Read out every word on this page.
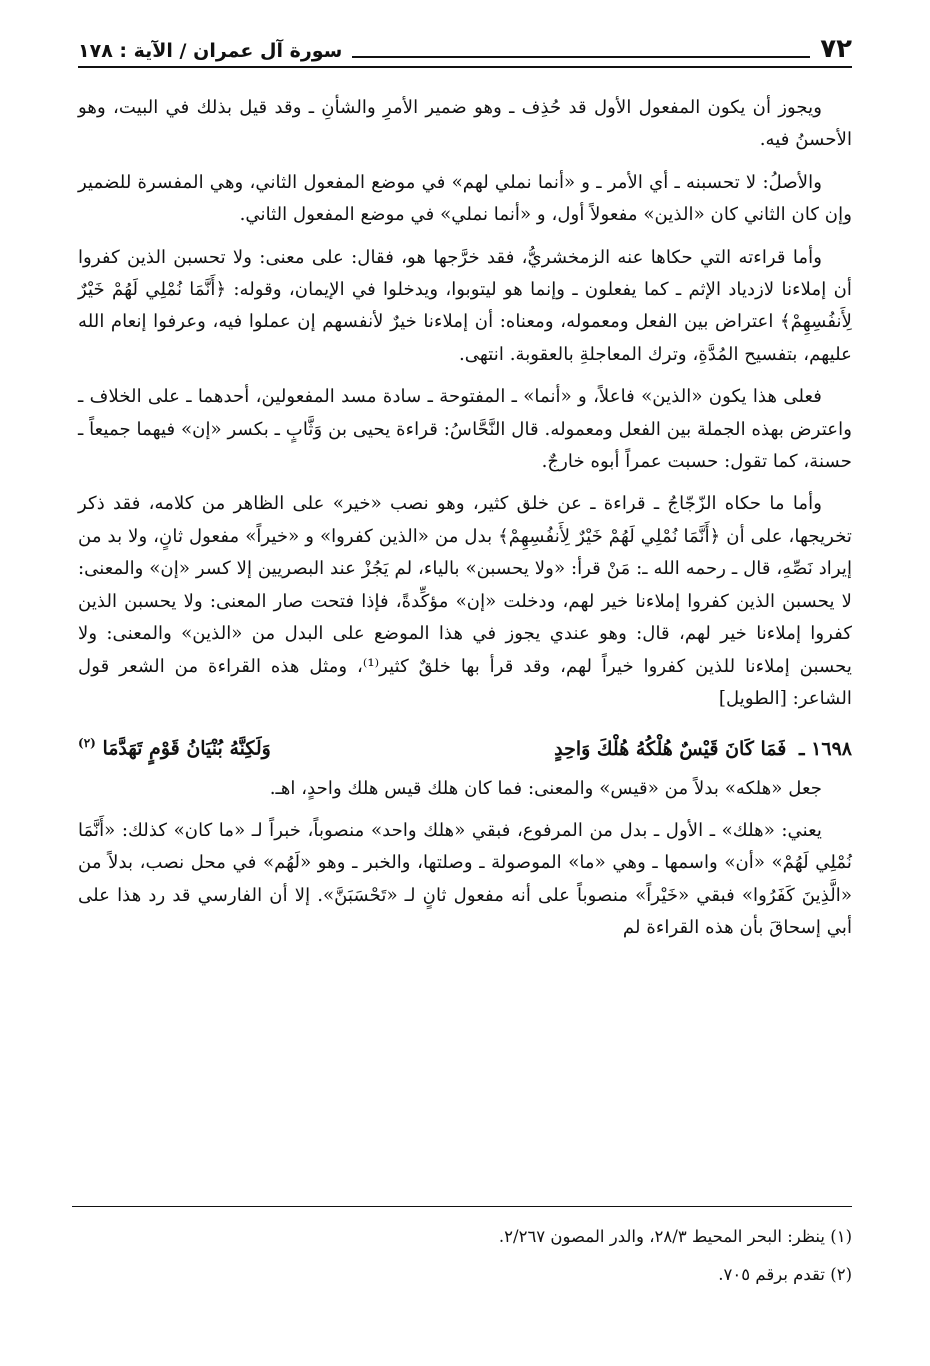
٧٢
سورة آل عمران / الآية : ١٧٨

ويجوز أن يكون المفعول الأول قد حُذِف ـ وهو ضمير الأمرِ والشأنِ ـ وقد قيل بذلك في البيت، وهو الأحسنُ فيه.

والأصلُ: لا تحسبنه ـ أي الأمر ـ و «أنما نملي لهم» في موضع المفعول الثاني، وهي المفسرة للضمير وإن كان الثاني كان «الذين» مفعولاً أول، و «أنما نملي» في موضع المفعول الثاني.

وأما قراءته التي حكاها عنه الزمخشريُّ، فقد خرَّجها هو، فقال: على معنى: ولا تحسبن الذين كفروا أن إملاءنا لازدياد الإثم ـ كما يفعلون ـ وإنما هو ليتوبوا، ويدخلوا في الإيمان، وقوله: ﴿أَنَّمَا نُمْلِي لَهُمْ خَيْرٌ لِأَنفُسِهِمْ﴾ اعتراض بين الفعل ومعموله، ومعناه: أن إملاءنا خيرٌ لأنفسهم إن عملوا فيه، وعرفوا إنعام الله عليهم، بتفسيح المُدَّةِ، وترك المعاجلةِ بالعقوبة. انتهى.

فعلى هذا يكون «الذين» فاعلاً، و «أنما» ـ المفتوحة ـ سادة مسد المفعولين، أحدهما ـ على الخلاف ـ واعترض بهذه الجملة بين الفعل ومعموله. قال النَّحَّاسُ: قراءة يحيى بن وَثَّابٍ ـ بكسر «إن» فيهما جميعاً ـ حسنة، كما تقول: حسبت عمراً أبوه خارجٌ.

وأما ما حكاه الزّجّاجُ ـ قراءة ـ عن خلق كثير، وهو نصب «خير» على الظاهر من كلامه، فقد ذكر تخريجها، على أن ﴿أَنَّمَا نُمْلِي لَهُمْ خَيْرٌ لِأَنفُسِهِمْ﴾ بدل من «الذين كفروا» و «خيراً» مفعول ثانٍ، ولا بد من إيراد نَصِّهِ، قال ـ رحمه الله ـ: مَنْ قرأ: «ولا يحسبن» بالياء، لم يَجُزْ عند البصريين إلا كسر «إن» والمعنى: لا يحسبن الذين كفروا إملاءنا خير لهم، ودخلت «إن» مؤكِّدةً، فإذا فتحت صار المعنى: ولا يحسبن الذين كفروا إملاءنا خير لهم، قال: وهو عندي يجوز في هذا الموضع على البدل من «الذين» والمعنى: ولا يحسبن إملاءنا للذين كفروا خيراً لهم، وقد قرأ بها خلقٌ كثير⁽¹⁾، ومثل هذه القراءة من الشعر قول الشاعر: [الطويل]

١٦٩٨ ـ فَمَا كَانَ قَيْسٌ هُلْكُهُ هُلْكَ وَاحِدٍ
وَلَكِنَّهُ بُنْيَانُ قَوْمٍ تَهَدَّمَا $^{(٢)}$

جعل «هلكه» بدلاً من «قيس» والمعنى: فما كان هلك قيس هلك واحدٍ، اهـ.

يعني: «هلك» ـ الأول ـ بدل من المرفوع، فبقي «هلك واحد» منصوباً، خبراً لـ «ما كان» كذلك: «أَنَّمَا نُمْلِي لَهُمْ» «أن» واسمها ـ وهي «ما» الموصولة ـ وصلتها، والخبر ـ وهو «لَهُم» في محل نصب، بدلاً من «الَّذِينَ كَفَرُوا» فبقي «خَيْراً» منصوباً على أنه مفعول ثانٍ لـ «تَحْسَبَنَّ». إلا أن الفارسي قد رد هذا على أبي إسحاقَ بأن هذه القراءة لم

(١) ينظر: البحر المحيط ٢٨/٣، والدر المصون ٢/٢٦٧.
(٢) تقدم برقم ٧٠٥.
